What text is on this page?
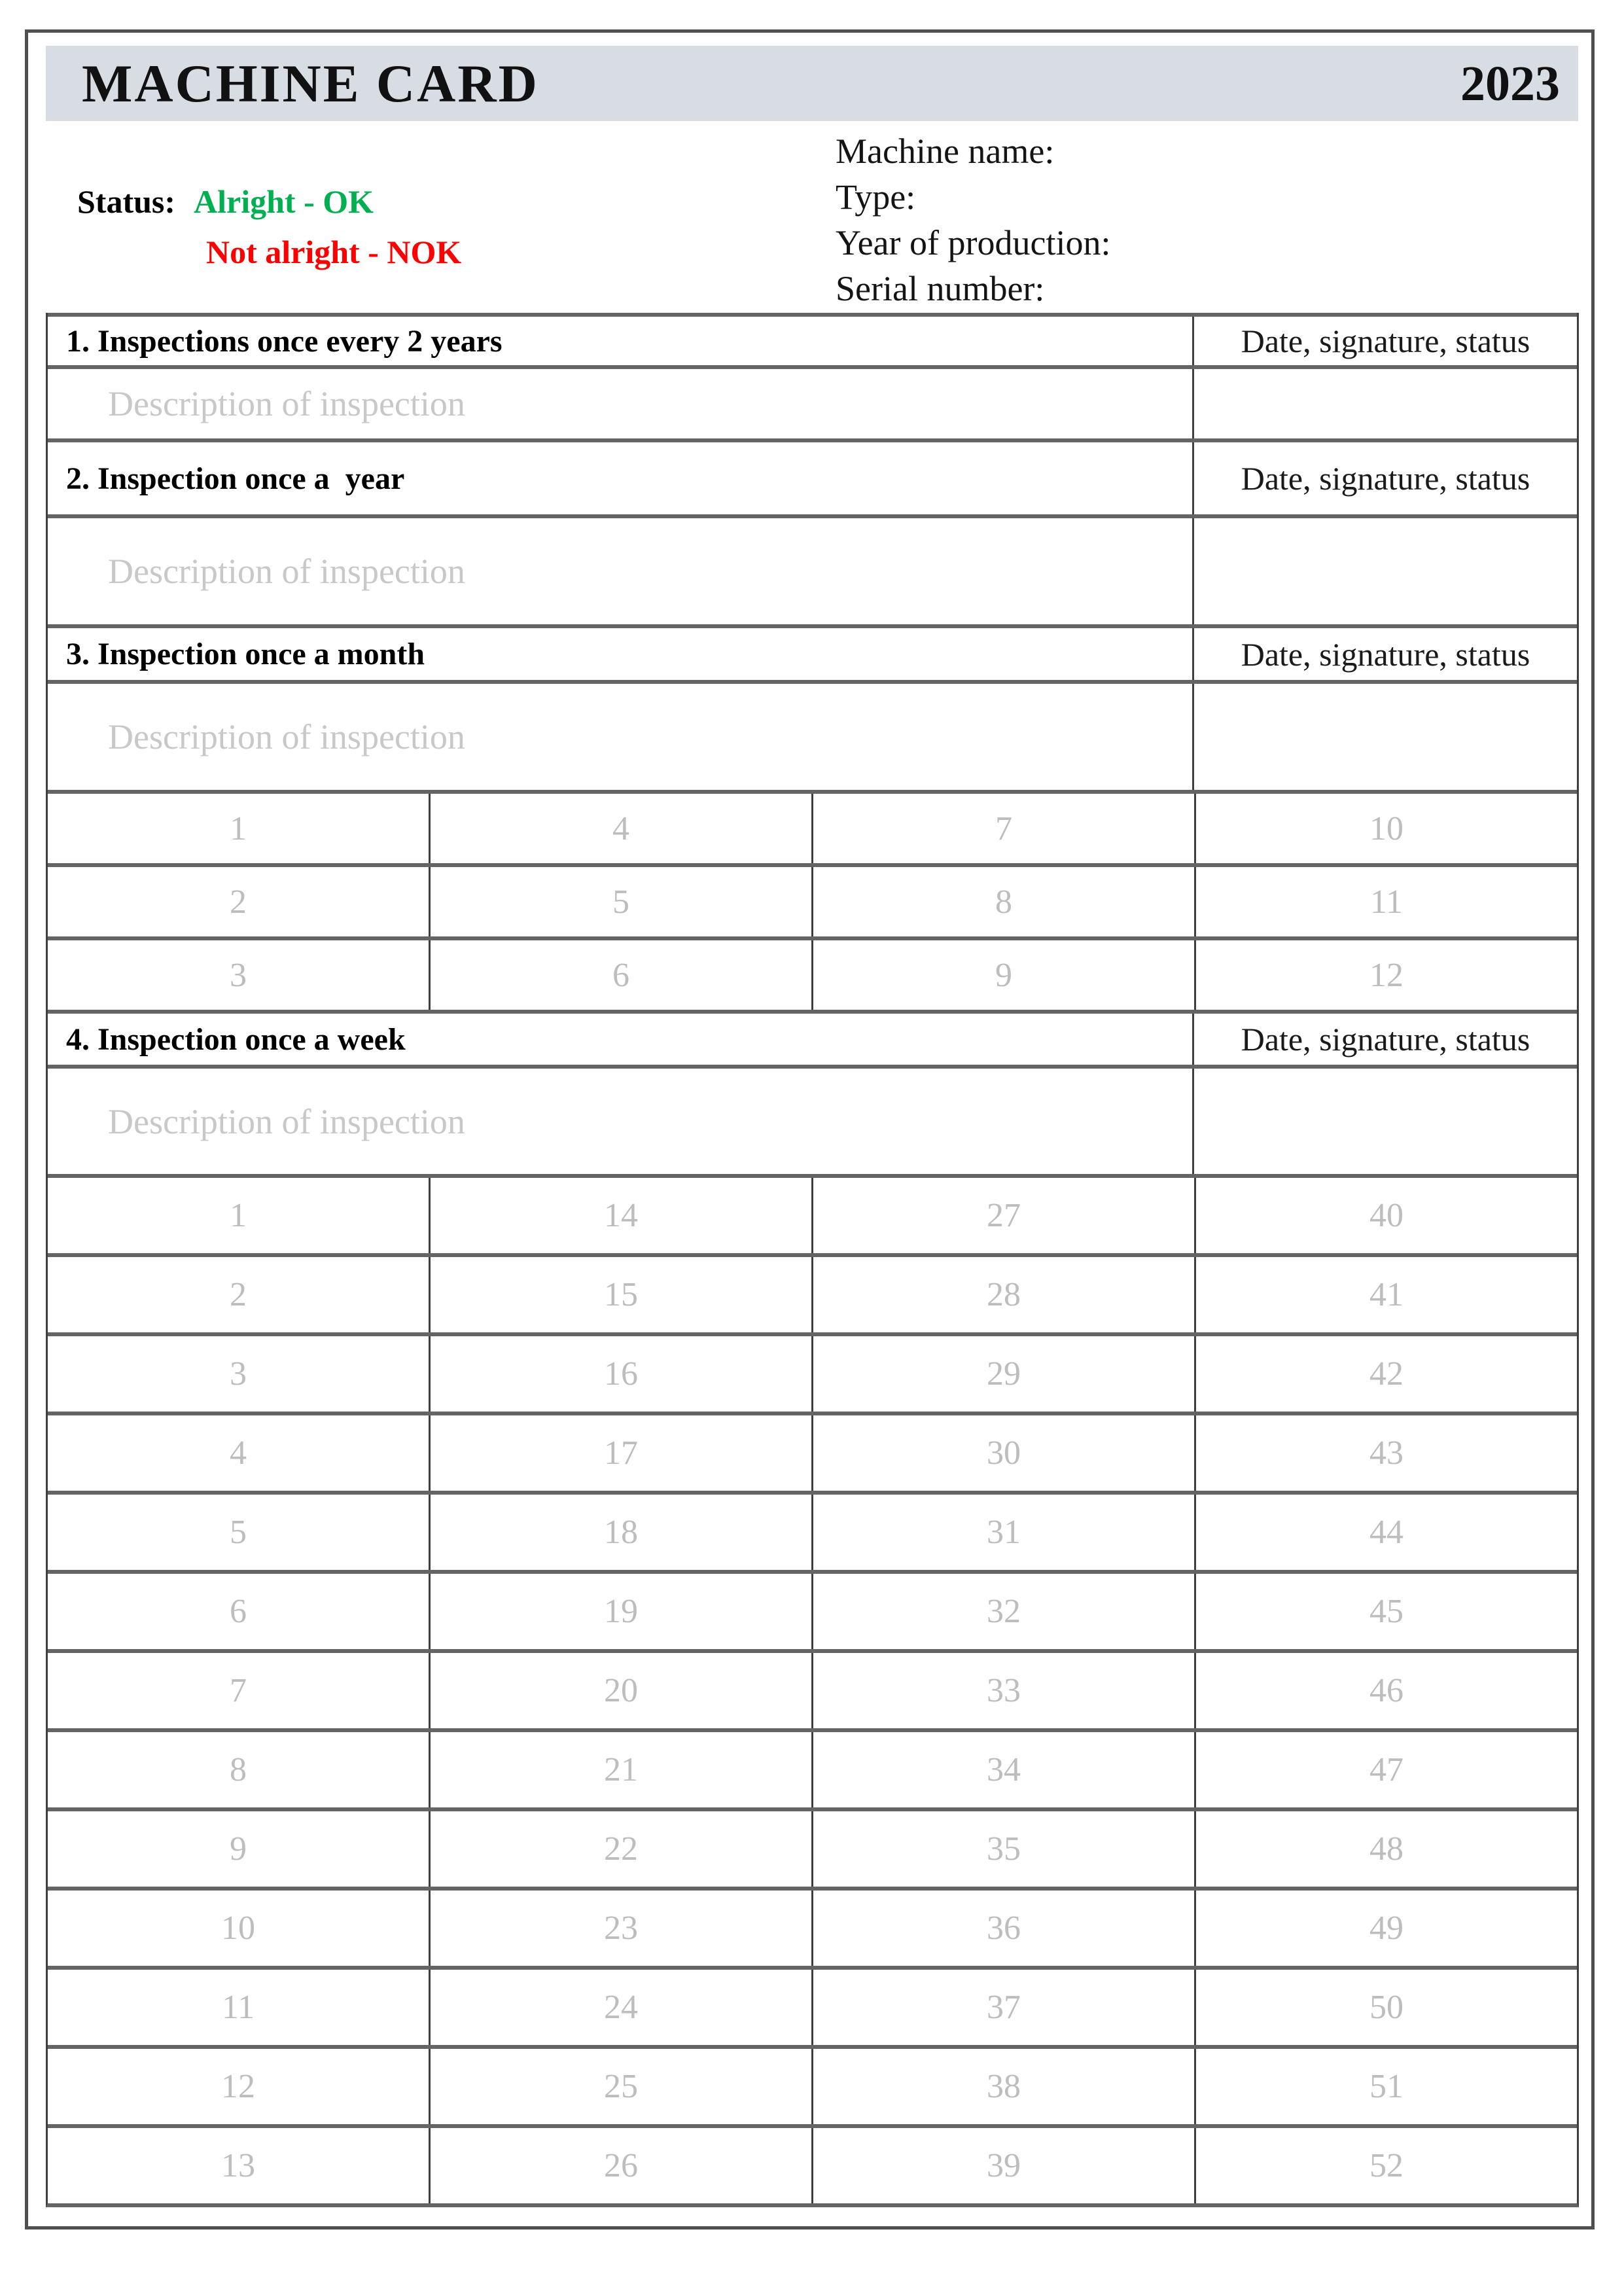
MACHINE CARD	2023
Status: Alright - OK
Not alright - NOK
Machine name:
Type:
Year of production:
Serial number:
1. Inspections once every 2 years	Date, signature, status
Description of inspection
2. Inspection once a  year	Date, signature, status
Description of inspection
3. Inspection once a month	Date, signature, status
Description of inspection
1	4	7	10
2	5	8	11
3	6	9	12
4. Inspection once a week	Date, signature, status
Description of inspection
1	14	27	40
2	15	28	41
3	16	29	42
4	17	30	43
5	18	31	44
6	19	32	45
7	20	33	46
8	21	34	47
9	22	35	48
10	23	36	49
11	24	37	50
12	25	38	51
13	26	39	52
